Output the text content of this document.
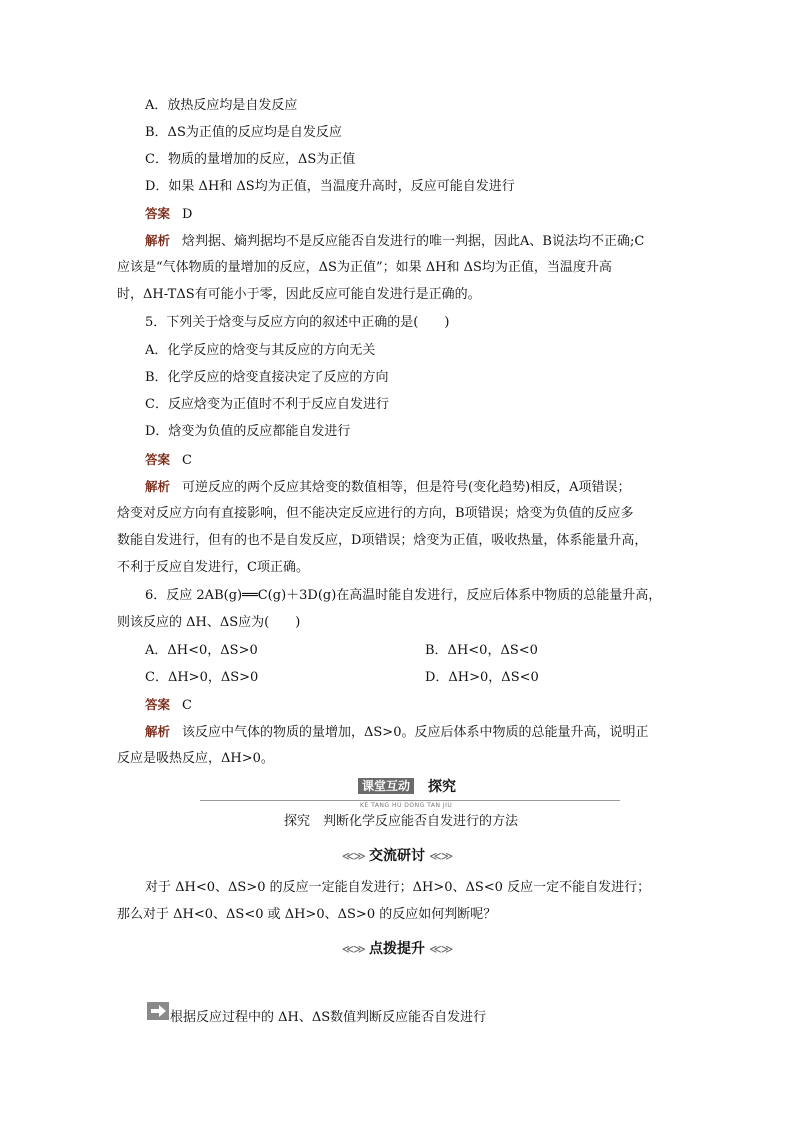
A．放热反应均是自发反应
B．ΔS为正值的反应均是自发反应
C．物质的量增加的反应，ΔS为正值
D．如果 ΔH和 ΔS均为正值，当温度升高时，反应可能自发进行
答案 D
解析 焓判据、熵判据均不是反应能否自发进行的唯一判据，因此A、B说法均不正确;C
应该是“气体物质的量增加的反应，ΔS为正值”；如果 ΔH和 ΔS均为正值，当温度升高
时，ΔH-TΔS有可能小于零，因此反应可能自发进行是正确的。
5．下列关于焓变与反应方向的叙述中正确的是(　　)
A．化学反应的焓变与其反应的方向无关
B．化学反应的焓变直接决定了反应的方向
C．反应焓变为正值时不利于反应自发进行
D．焓变为负值的反应都能自发进行
答案 C
解析 可逆反应的两个反应其焓变的数值相等，但是符号(变化趋势)相反，A项错误；
焓变对反应方向有直接影响，但不能决定反应进行的方向，B项错误；焓变为负值的反应多
数能自发进行，但有的也不是自发反应，D项错误；焓变为正值，吸收热量，体系能量升高，
不利于反应自发进行，C项正确。
6．反应 2AB(g)══C(g)＋3D(g)在高温时能自发进行，反应后体系中物质的总能量升高，
则该反应的 ΔH、ΔS应为(　　)
A．ΔH<0，ΔS>0	B．ΔH<0，ΔS<0
C．ΔH>0，ΔS>0	D．ΔH>0，ΔS<0
答案 C
解析 该反应中气体的物质的量增加，ΔS>0。反应后体系中物质的总能量升高，说明正
反应是吸热反应，ΔH>0。
课堂互动 探究
KE TANG HU DONG TAN JIU
探究　判断化学反应能否自发进行的方法
≪≫ 交流研讨 ≪≫
对于 ΔH<0、ΔS>0 的反应一定能自发进行；ΔH>0、ΔS<0 反应一定不能自发进行；
那么对于 ΔH<0、ΔS<0 或 ΔH>0、ΔS>0 的反应如何判断呢？
≪≫ 点拨提升 ≪≫
根据反应过程中的 ΔH、ΔS数值判断反应能否自发进行
